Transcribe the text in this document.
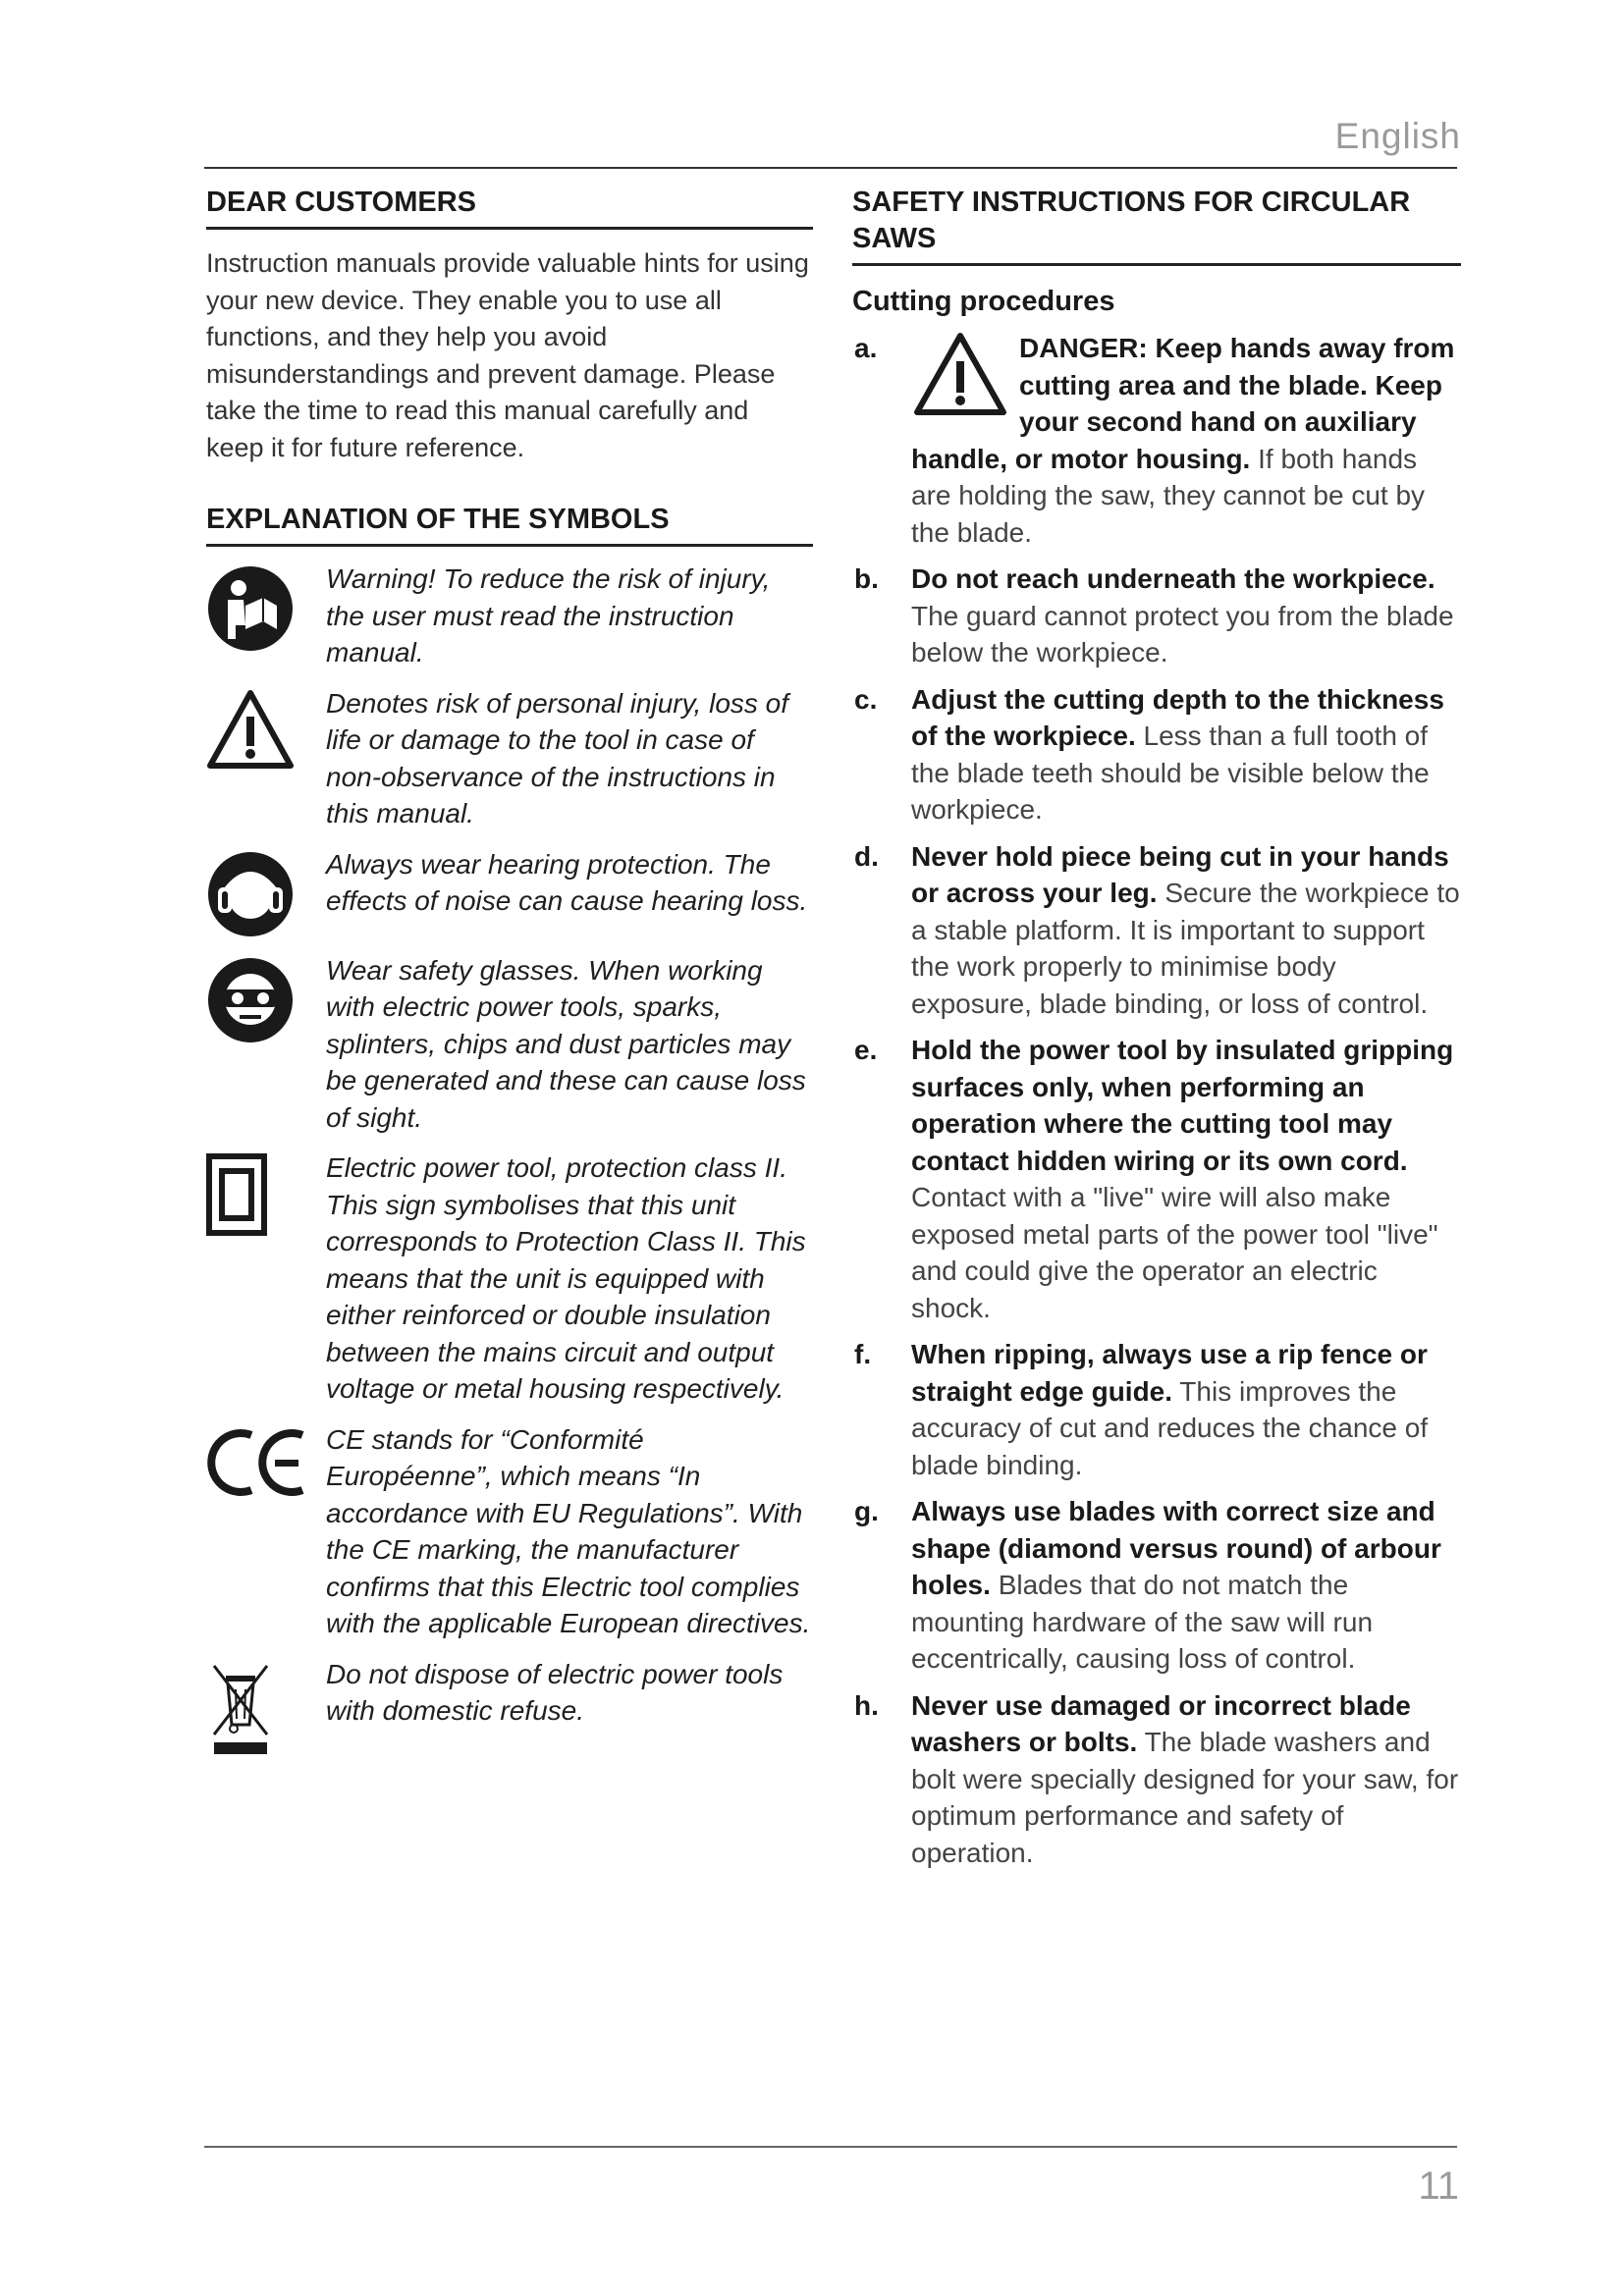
English
DEAR CUSTOMERS

Instruction manuals provide valuable hints for using your new device. They enable you to use all functions, and they help you avoid misunderstandings and prevent damage. Please take the time to read this manual carefully and keep it for future reference.

EXPLANATION OF THE SYMBOLS
Warning! To reduce the risk of injury, the user must read the instruction manual.
Denotes risk of personal injury, loss of life or damage to the tool in case of non-observance of the instructions in this manual.
Always wear hearing protection. The effects of noise can cause hearing loss.
Wear safety glasses. When working with electric power tools, sparks, splinters, chips and dust particles may be generated and these can cause loss of sight.
Electric power tool, protection class II. This sign symbolises that this unit corresponds to Protection Class II. This means that the unit is equipped with either reinforced or double insulation between the mains circuit and output voltage or metal housing respectively.
CE stands for “Conformité Européenne”, which means “In accordance with EU Regulations”. With the CE marking, the manufacturer confirms that this Electric tool complies with the applicable European directives.
Do not dispose of electric power tools with domestic refuse.
SAFETY INSTRUCTIONS FOR CIRCULAR SAWS
Cutting procedures
a.	DANGER: Keep hands away from cutting area and the blade. Keep your second hand on auxiliary handle, or motor housing. If both hands are holding the saw, they cannot be cut by the blade.
b. Do not reach underneath the workpiece. The guard cannot protect you from the blade below the workpiece.
c. Adjust the cutting depth to the thickness of the workpiece. Less than a full tooth of the blade teeth should be visible below the workpiece.
d. Never hold piece being cut in your hands or across your leg. Secure the workpiece to a stable platform. It is important to support the work properly to minimise body exposure, blade binding, or loss of control.
e. Hold the power tool by insulated gripping surfaces only, when performing an operation where the cutting tool may contact hidden wiring or its own cord. Contact with a "live" wire will also make exposed metal parts of the power tool "live" and could give the operator an electric shock.
f. When ripping, always use a rip fence or straight edge guide. This improves the accuracy of cut and reduces the chance of blade binding.
g. Always use blades with correct size and shape (diamond versus round) of arbour holes. Blades that do not match the mounting hardware of the saw will run eccentrically, causing loss of control.
h. Never use damaged or incorrect blade washers or bolts. The blade washers and bolt were specially designed for your saw, for optimum performance and safety of operation.
11
